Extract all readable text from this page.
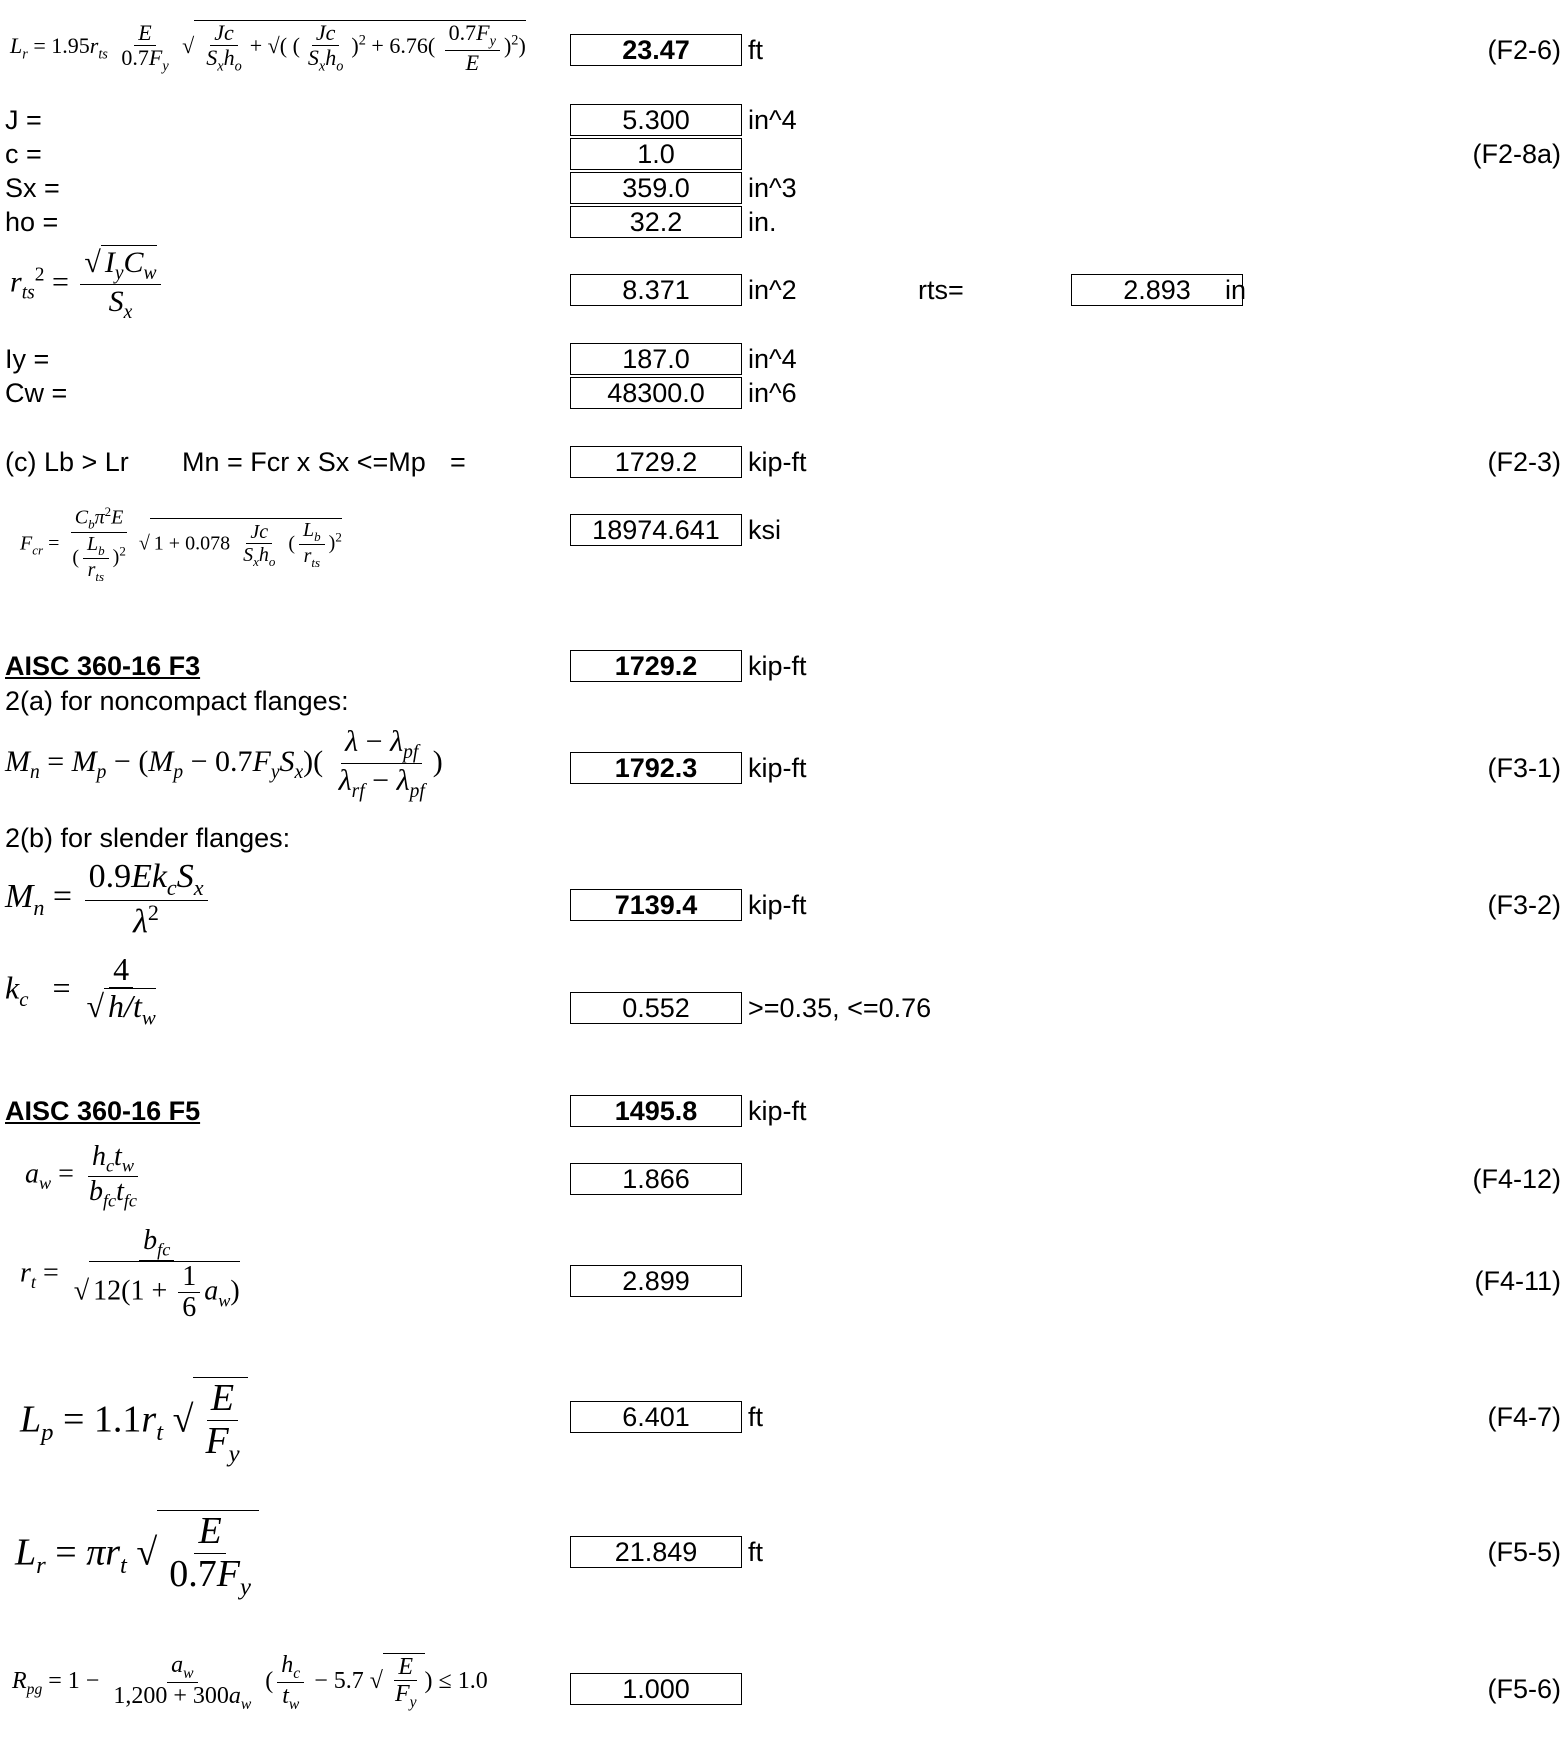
$L_r = 1.95r_{ts} \frac{E}{0.7F_y}$ √ $\frac{Jc}{S_xh_o}$ + √( ( $\frac{Jc}{S_xh_o} )^2 + 6.76( \frac{0.7F_y}{E} )^2$)	23.47	ft	(F2-6)
J =	5.300	in^4
c =	1.0	(F2-8a)
Sx =	359.0	in^3
ho =	32.2	in.
$r_{ts}^2 = \frac{√ I_yC_w}{S_x}$	8.371	in^2	rts=	2.893	in
Iy =	187.0	in^4
Cw =	48300.0	in^6
(c) Lb > Lr Mn = Fcr x Sx <=Mp =	1729.2	kip-ft	(F2-3)
$F_{cr} = \frac{C_b\pi^2E}{( \frac{L_b}{r_{ts}} )^2}$ √ $1 + 0.078 \frac{Jc}{S_xh_o}$ ( $\frac{L_b}{r_{ts}} )^2$	18974.641	ksi
AISC 360-16 F3	1729.2	kip-ft
2(a) for noncompact flanges:
$M_n = M_p - (M_p - 0.7F_yS_x)( \frac{\lambda - \lambda_{pf}}{\lambda_{rf} - \lambda_{pf}}$ )	1792.3	kip-ft	(F3-1)
2(b) for slender flanges:
$M_n = \frac{0.9Ek_cS_x}{\lambda^2}$	7139.4	kip-ft	(F3-2)
$k_c = \frac{4}{√ h/t_w}$	0.552	>=0.35, <=0.76
AISC 360-16 F5	1495.8	kip-ft
$a_w = \frac{h_ct_w}{b_{fc}t_{fc}}$	1.866	(F4-12)
$r_t = \frac{b_{fc}}{√ 12(1 + \frac{1}{6} a_w)}$	2.899	(F4-11)
$L_p = 1.1r_t$ √ $\frac{E}{F_y}$	6.401	ft	(F4-7)
$L_r = \pi r_t$ √ $\frac{E}{0.7F_y}$	21.849	ft	(F5-5)
$R_{pg} = 1 - \frac{a_w}{1,200 + 300a_w}$ ( $\frac{h_c}{t_w} - 5.7$ √ $\frac{E}{F_y}$ ) ≤ 1.0	1.000	(F5-6)
